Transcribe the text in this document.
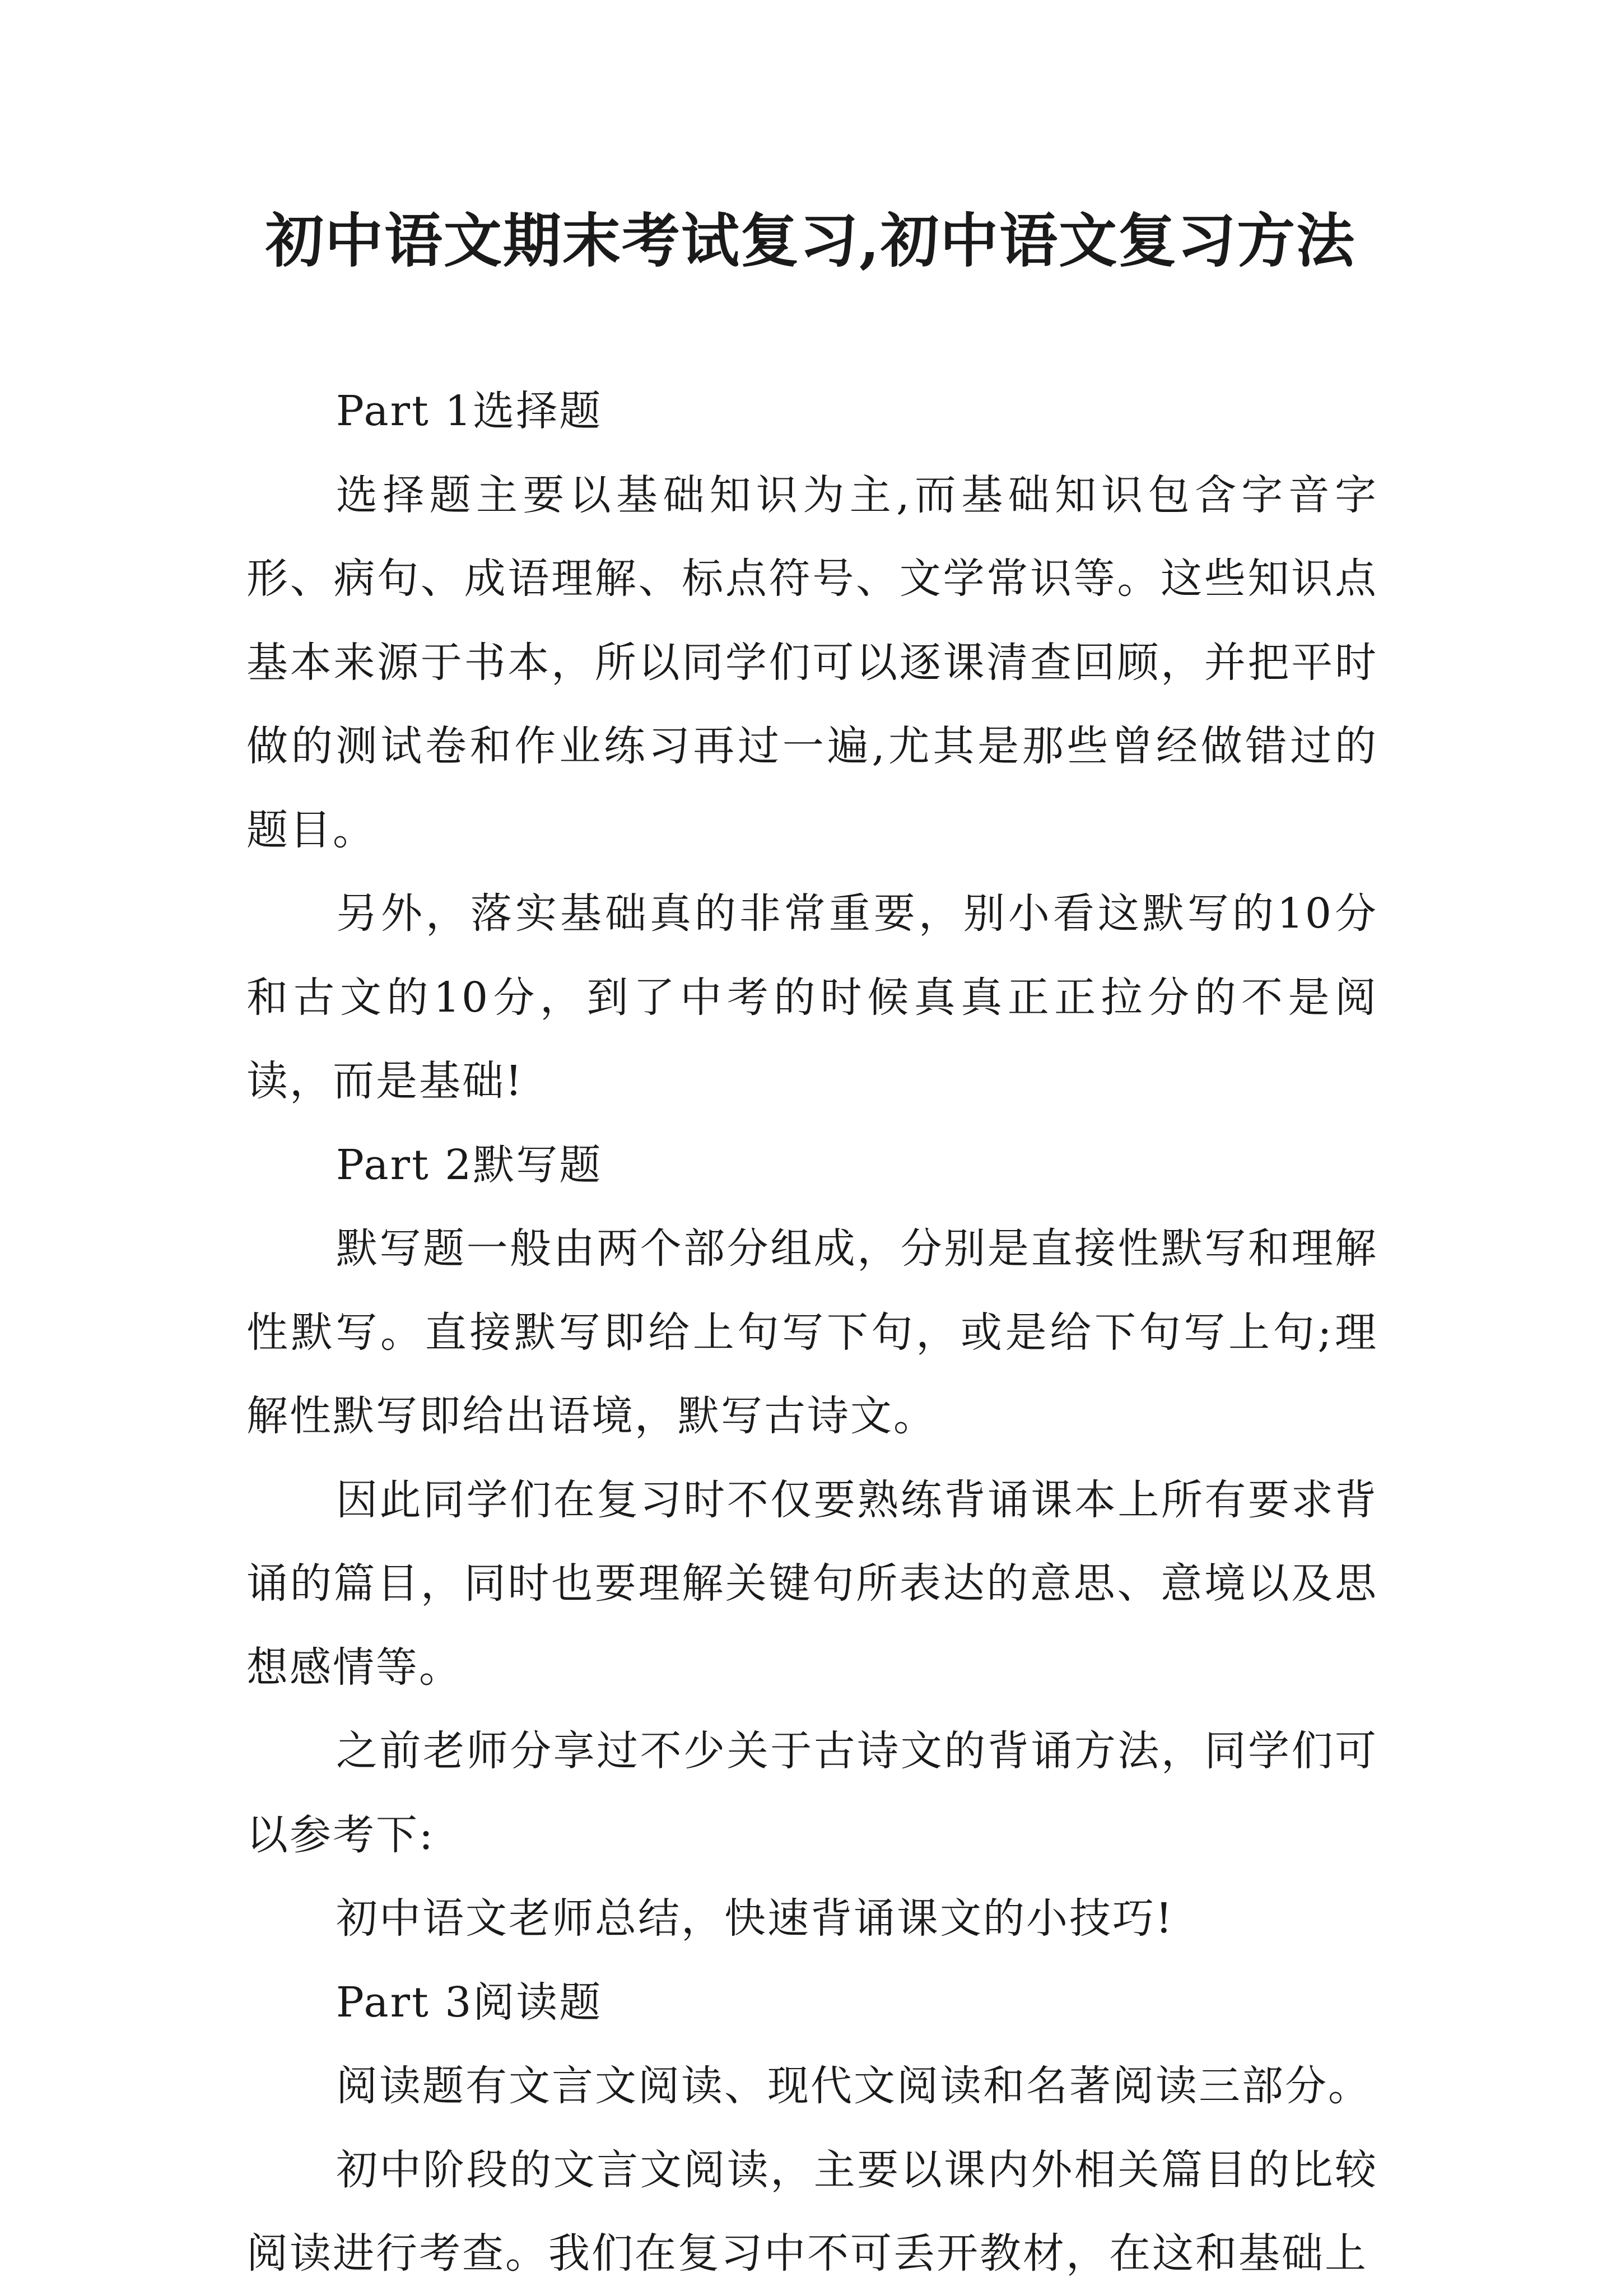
初中语文期末考试复习,初中语文复习方法

Part 1选择题

选择题主要以基础知识为主,而基础知识包含字音字形、病句、成语理解、标点符号、文学常识等。这些知识点基本来源于书本，所以同学们可以逐课清查回顾，并把平时做的测试卷和作业练习再过一遍,尤其是那些曾经做错过的题目。

另外，落实基础真的非常重要，别小看这默写的10分和古文的10分，到了中考的时候真真正正拉分的不是阅读，而是基础!

Part 2默写题

默写题一般由两个部分组成，分别是直接性默写和理解性默写。直接默写即给上句写下句，或是给下句写上句;理解性默写即给出语境，默写古诗文。

因此同学们在复习时不仅要熟练背诵课本上所有要求背诵的篇目，同时也要理解关键句所表达的意思、意境以及思想感情等。

之前老师分享过不少关于古诗文的背诵方法，同学们可以参考下:

初中语文老师总结，快速背诵课文的小技巧!

Part 3阅读题

阅读题有文言文阅读、现代文阅读和名著阅读三部分。

初中阶段的文言文阅读，主要以课内外相关篇目的比较阅读进行考查。我们在复习中不可丢开教材，在这和基础上
